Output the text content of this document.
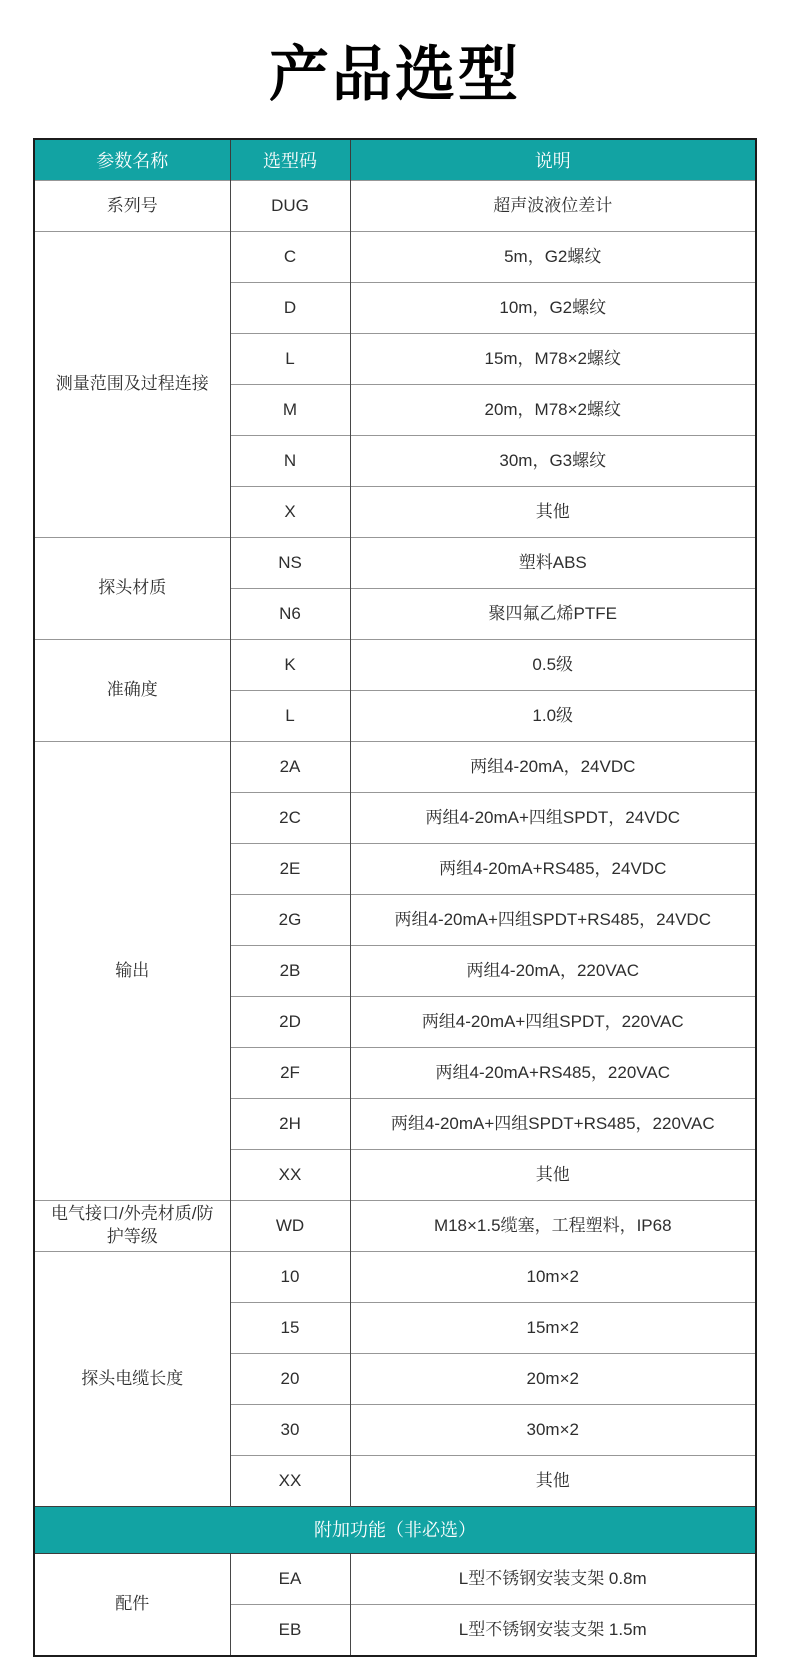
产品选型
参数名称	选型码	说明
系列号	DUG	超声波液位差计
测量范围及过程连接	C	5m，G2螺纹
	D	10m，G2螺纹
	L	15m，M78×2螺纹
	M	20m，M78×2螺纹
	N	30m，G3螺纹
	X	其他
探头材质	NS	塑料ABS
	N6	聚四氟乙烯PTFE
准确度	K	0.5级
	L	1.0级
输出	2A	两组4-20mA，24VDC
	2C	两组4-20mA+四组SPDT，24VDC
	2E	两组4-20mA+RS485，24VDC
	2G	两组4-20mA+四组SPDT+RS485，24VDC
	2B	两组4-20mA，220VAC
	2D	两组4-20mA+四组SPDT，220VAC
	2F	两组4-20mA+RS485，220VAC
	2H	两组4-20mA+四组SPDT+RS485，220VAC
	XX	其他
电气接口/外壳材质/防护等级	WD	M18×1.5缆塞，工程塑料，IP68
探头电缆长度	10	10m×2
	15	15m×2
	20	20m×2
	30	30m×2
	XX	其他
附加功能（非必选）		
配件	EA	L型不锈钢安装支架 0.8m
	EB	L型不锈钢安装支架 1.5m
